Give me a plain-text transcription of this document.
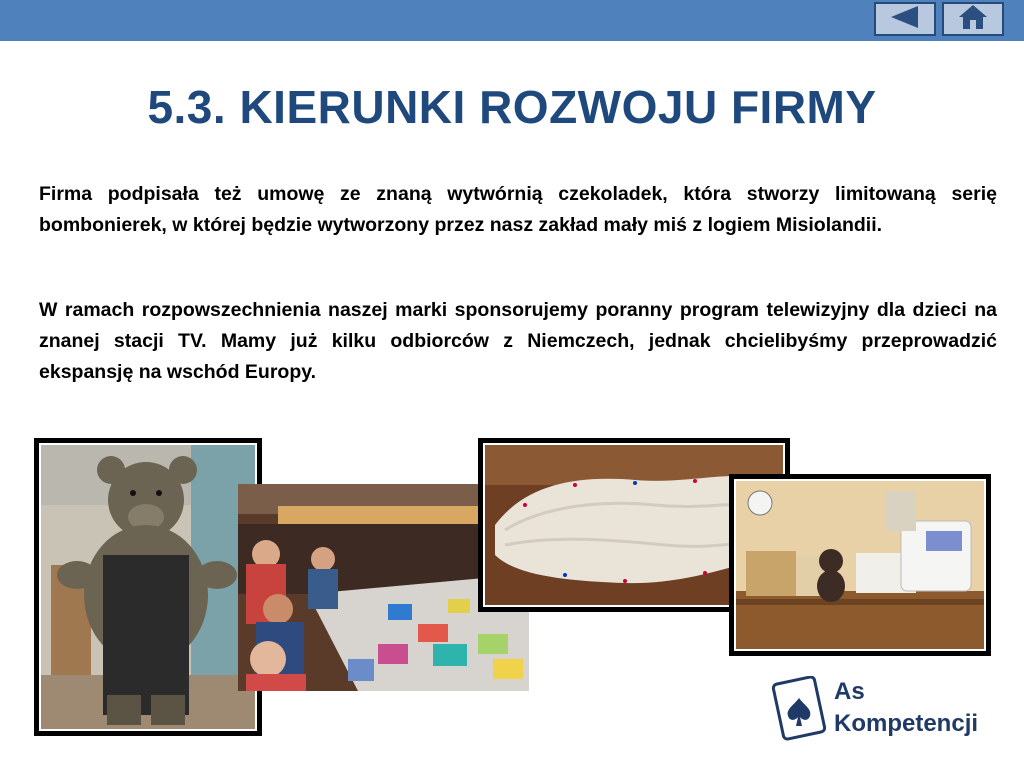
5.3. KIERUNKI ROZWOJU FIRMY

Firma podpisała też umowę ze znaną wytwórnią czekoladek, która stworzy limitowaną serię bombonierek, w której będzie wytworzony przez nasz zakład mały miś z logiem Misiolandii.

W ramach rozpowszechnienia naszej marki sponsorujemy poranny program telewizyjny dla dzieci na znanej stacji TV. Mamy już kilku odbiorców z Niemczech, jednak chcielibyśmy przeprowadzić ekspansję na wschód Europy.

As
Kompetencji
